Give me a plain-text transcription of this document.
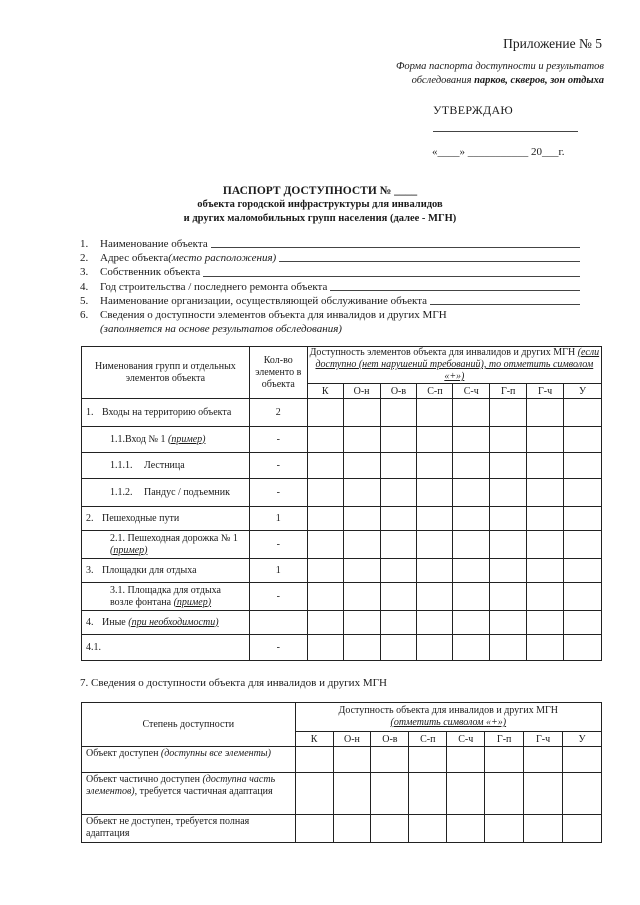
Приложение № 5
Форма паспорта доступности и результатов
обследования парков, скверов, зон отдыха
УТВЕРЖДАЮ
«____» ___________ 20___г.
ПАСПОРТ ДОСТУПНОСТИ № ____
объекта городской инфраструктуры для инвалидов
и других маломобильных групп населения (далее - МГН)
1.	Наименование объекта
2.	Адрес объекта (место расположения)
3.	Собственник объекта
4.	Год строительства / последнего ремонта объекта
5.	Наименование организации, осуществляющей обслуживание объекта
6.	Сведения о доступности элементов объекта для инвалидов и других МГН
(заполняется на основе результатов обследования)
Нименования групп и отдельных элементов объекта	Кол-во элементо в объекта	Доступность элементов объекта для инвалидов и других МГН (если доступно (нет нарушений требований), то отметить символом «+»)							
		К	О-н	О-в	С-п	С-ч	Г-п	Г-ч	У

1. Входы на территорию объекта	2								

1.1.Вход № 1 (пример)	-								

1.1.1. Лестница	-								

1.1.2. Пандус / подъемник	-								

2. Пешеходные пути	1								

2.1. Пешеходная дорожка № 1 (пример)	-								

3. Площадки для отдыха	1								

3.1. Площадка для отдыха возле фонтана (пример)	-								

4. Иные (при необходимости)									

4.1.	-								
7. Сведения о доступности объекта для инвалидов и других МГН
Степень доступности	Доступность объекта для инвалидов и других МГН
(отметить символом «+»)							

	К	О-н	О-в	С-п	С-ч	Г-п	Г-ч	У
Объект доступен (доступны все элементы)								
Объект частично доступен (доступна часть элементов), требуется частичная адаптация								
Объект не доступен, требуется полная адаптация								
